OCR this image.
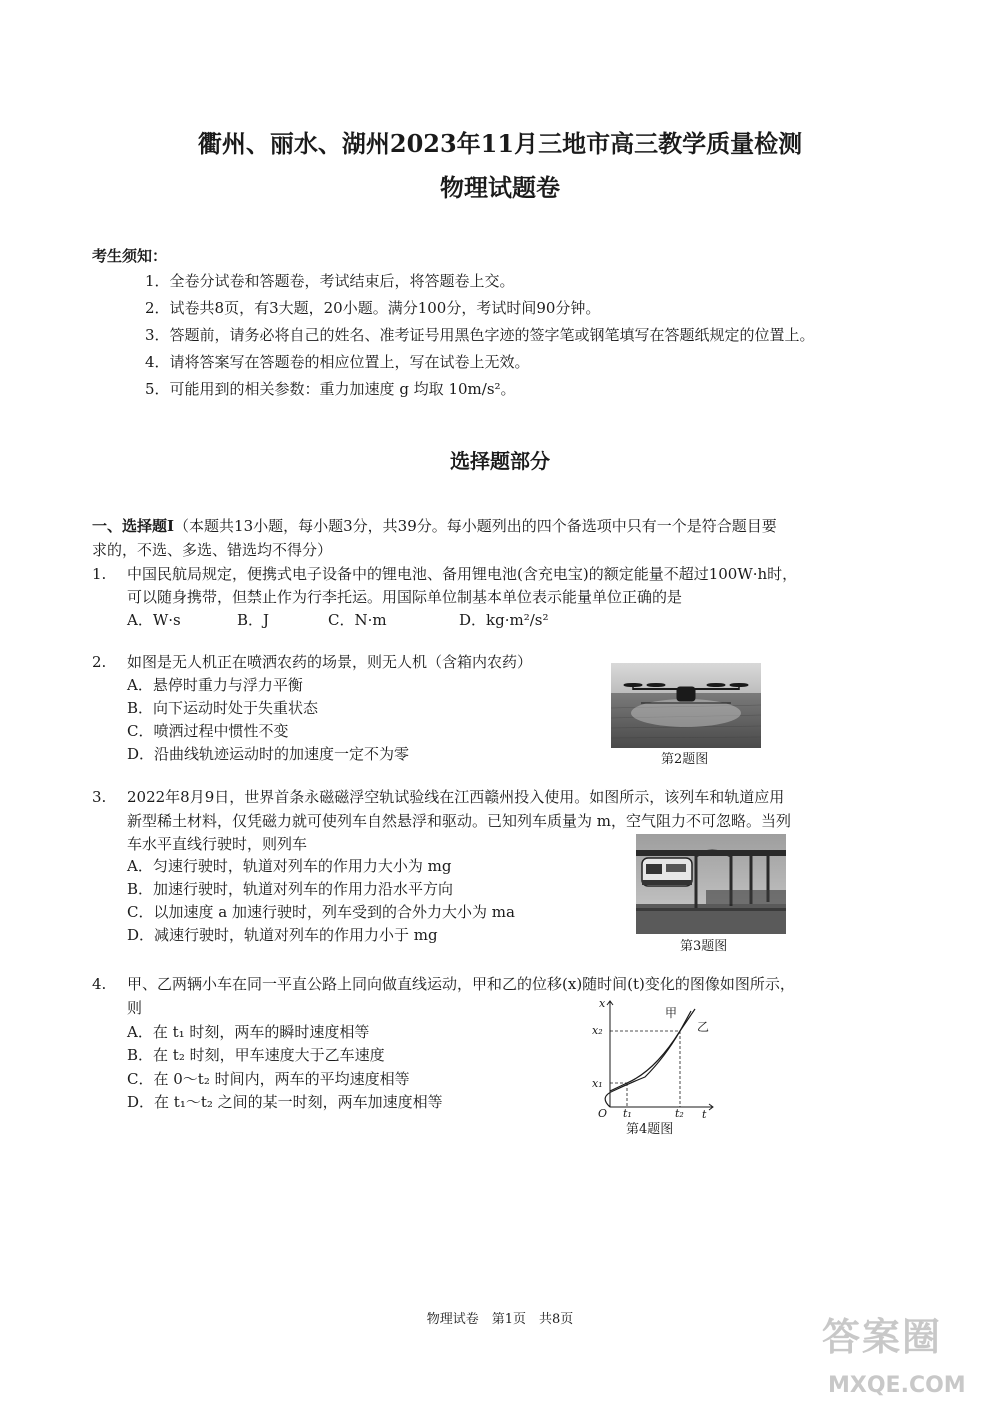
衢州、丽水、湖州2023年11月三地市高三教学质量检测
物理试题卷
考生须知：
1．全卷分试卷和答题卷，考试结束后，将答题卷上交。
2．试卷共8页，有3大题，20小题。满分100分，考试时间90分钟。
3．答题前，请务必将自己的姓名、准考证号用黑色字迹的签字笔或钢笔填写在答题纸规定的位置上。
4．请将答案写在答题卷的相应位置上，写在试卷上无效。
5．可能用到的相关参数：重力加速度 g 均取 10m/s²。
选择题部分
一、选择题I（本题共13小题，每小题3分，共39分。每小题列出的四个备选项中只有一个是符合题目要
求的，不选、多选、错选均不得分）
1. 中国民航局规定，便携式电子设备中的锂电池、备用锂电池(含充电宝)的额定能量不超过100W·h时，
可以随身携带，但禁止作为行李托运。用国际单位制基本单位表示能量单位正确的是
A．W·s	B．J	C．N·m	D．kg·m²/s²
2. 如图是无人机正在喷洒农药的场景，则无人机（含箱内农药）
A．悬停时重力与浮力平衡
B．向下运动时处于失重状态
C．喷洒过程中惯性不变
D．沿曲线轨迹运动时的加速度一定不为零	第2题图
3. 2022年8月9日，世界首条永磁磁浮空轨试验线在江西赣州投入使用。如图所示，该列车和轨道应用
新型稀土材料，仅凭磁力就可使列车自然悬浮和驱动。已知列车质量为 m，空气阻力不可忽略。当列
车水平直线行驶时，则列车
A．匀速行驶时，轨道对列车的作用力大小为 mg
B．加速行驶时，轨道对列车的作用力沿水平方向
C．以加速度 a 加速行驶时，列车受到的合外力大小为 ma
D．减速行驶时，轨道对列车的作用力小于 mg
第3题图
4. 甲、乙两辆小车在同一平直公路上同向做直线运动，甲和乙的位移(x)随时间(t)变化的图像如图所示，
则
A．在 t₁ 时刻，两车的瞬时速度相等
B．在 t₂ 时刻，甲车速度大于乙车速度
C．在 0～t₂ 时间内，两车的平均速度相等
D．在 t₁～t₂ 之间的某一时刻，两车加速度相等
x
t
x₂
x₁
t₁	t₂
O
甲
乙
第4题图
物理试卷　第1页　共8页	答案圈
MXQE.COM
